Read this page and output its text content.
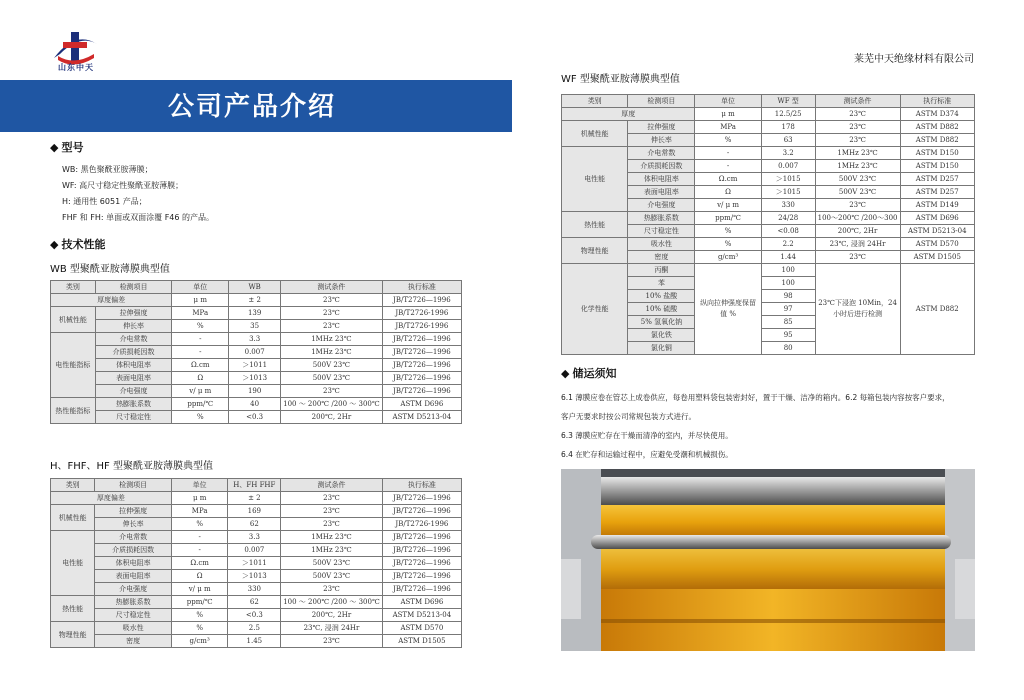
山东中天
莱芜中天绝缘材料有限公司
公司产品介绍
◆ 型号
WB: 黑色聚酰亚胺薄膜；
WF: 高尺寸稳定性聚酰亚胺薄膜；
H: 通用性 6051 产品；
FHF 和 FH: 单面或双面涂覆 F46 的产品。
◆ 技术性能
WB 型聚酰亚胺薄膜典型值
类别	检测项目	单位	WB	测试条件	执行标准
厚度偏差		μ m	± 2	23℃	JB/T2726—1996
机械性能	拉伸强度	MPa	139	23℃	JB/T2726-1996
	伸长率	%	35	23℃	JB/T2726-1996
电性能指标	介电常数	-	3.3	1MHz 23℃	JB/T2726—1996
	介质损耗因数	-	0.007	1MHz 23℃	JB/T2726—1996
	体积电阻率	Ω.cm	＞1011	500V 23℃	JB/T2726—1996
	表面电阻率	Ω	＞1013	500V 23℃	JB/T2726—1996
	介电强度	v/ μ m	190	23℃	JB/T2726—1996
热性能指标	热膨胀系数	ppm/℃	40	100 ～ 200℃ /200 ～ 300℃	ASTM D696
	尺寸稳定性	%	<0.3	200℃, 2Hr	ASTM D5213-04
H、FHF、HF 型聚酰亚胺薄膜典型值
类别	检测项目	单位	H、FH FHF	测试条件	执行标准
厚度偏差		μ m	± 2	23℃	JB/T2726—1996
机械性能	拉伸强度	MPa	169	23℃	JB/T2726—1996
	伸长率	%	62	23℃	JB/T2726-1996
电性能	介电常数	-	3.3	1MHz 23℃	JB/T2726—1996
	介质损耗因数	-	0.007	1MHz 23℃	JB/T2726—1996
	体积电阻率	Ω.cm	＞1011	500V 23℃	JB/T2726—1996
	表面电阻率	Ω	＞1013	500V 23℃	JB/T2726—1996
	介电强度	v/ μ m	330	23℃	JB/T2726—1996
热性能	热膨胀系数	ppm/℃	62	100 ～ 200℃ /200 ～ 300℃	ASTM D696
	尺寸稳定性	%	<0.3	200℃, 2Hr	ASTM D5213-04
物理性能	吸水性	%	2.5	23℃, 浸润 24Hr	ASTM D570
	密度	g/cm³	1.45	23℃	ASTM D1505
WF 型聚酰亚胺薄膜典型值
类别	检测项目	单位	WF 型	测试条件	执行标准
厚度		μ m	12.5/25	23℃	ASTM D374
机械性能	拉伸强度	MPa	178	23℃	ASTM D882
	伸长率	%	63	23℃	ASTM D882
电性能	介电常数	-	3.2	1MHz 23℃	ASTM D150
	介质损耗因数	-	0.007	1MHz 23℃	ASTM D150
	体积电阻率	Ω.cm	＞1015	500V 23℃	ASTM D257
	表面电阻率	Ω	＞1015	500V 23℃	ASTM D257
	介电强度	v/ μ m	330	23℃	ASTM D149
热性能	热膨胀系数	ppm/℃	24/28	100～200℃ /200～300	ASTM D696
	尺寸稳定性	%	<0.08	200℃, 2Hr	ASTM D5213-04
物理性能	吸水性	%	2.2	23℃, 浸润 24Hr	ASTM D570
	密度	g/cm³	1.44	23℃	ASTM D1505
化学性能	丙酮	纵向拉伸强度保留值 %	100	23℃下浸泡 10Min，24 小时后进行检测	ASTM D882
	苯		100		
	10% 盐酸		98		
	10% 硫酸		97		
	5% 氢氧化钠		85		
	氯化铁		95		
	氯化铜		80		
◆ 储运须知
6.1 薄膜应卷在管芯上成卷供应，每卷用塑料袋包装密封好，置于干燥、洁净的箱内。6.2 每箱包装内容按客户要求，
客户无要求时按公司常规包装方式进行。
6.3 薄膜应贮存在干燥而清净的室内，并尽快使用。
6.4 在贮存和运输过程中，应避免受潮和机械损伤。
